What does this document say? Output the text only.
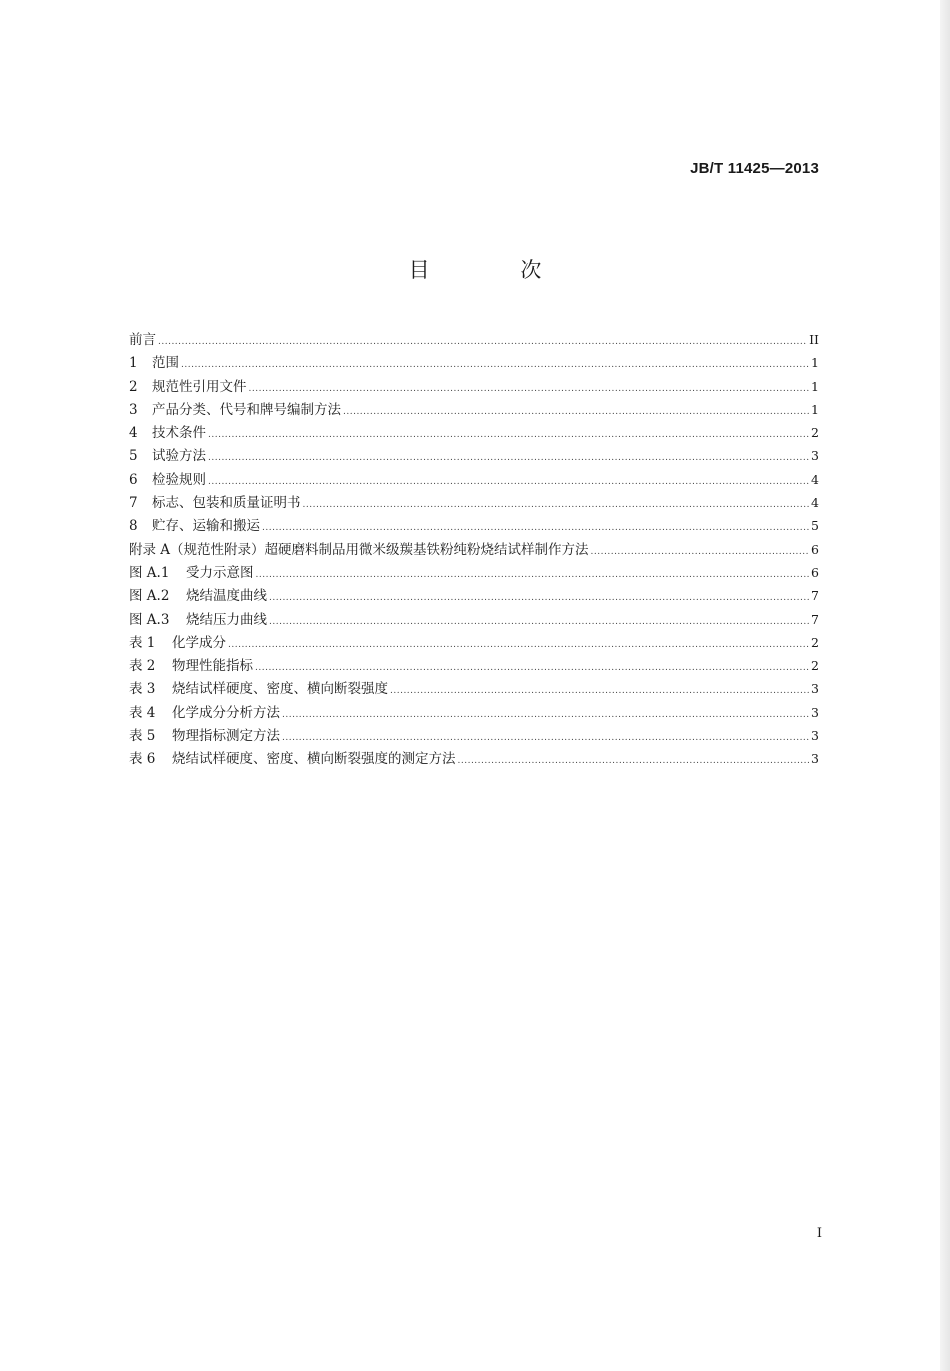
JB/T 11425—2013
目 次
前言 .....	II
1	范围 .....	1
2	规范性引用文件 .....	1
3	产品分类、代号和牌号编制方法 .....	1
4	技术条件 .....	2
5	试验方法 .....	3
6	检验规则 .....	4
7	标志、包装和质量证明书 .....	4
8	贮存、运输和搬运 .....	5
附录 A（规范性附录）超硬磨料制品用微米级羰基铁粉纯粉烧结试样制作方法 .....	6
图 A.1	受力示意图 .....	6
图 A.2	烧结温度曲线 .....	7
图 A.3	烧结压力曲线 .....	7
表 1	化学成分 .....	2
表 2	物理性能指标 .....	2
表 3	烧结试样硬度、密度、横向断裂强度 .....	3
表 4	化学成分分析方法 .....	3
表 5	物理指标测定方法 .....	3
表 6	烧结试样硬度、密度、横向断裂强度的测定方法 .....	3
I
